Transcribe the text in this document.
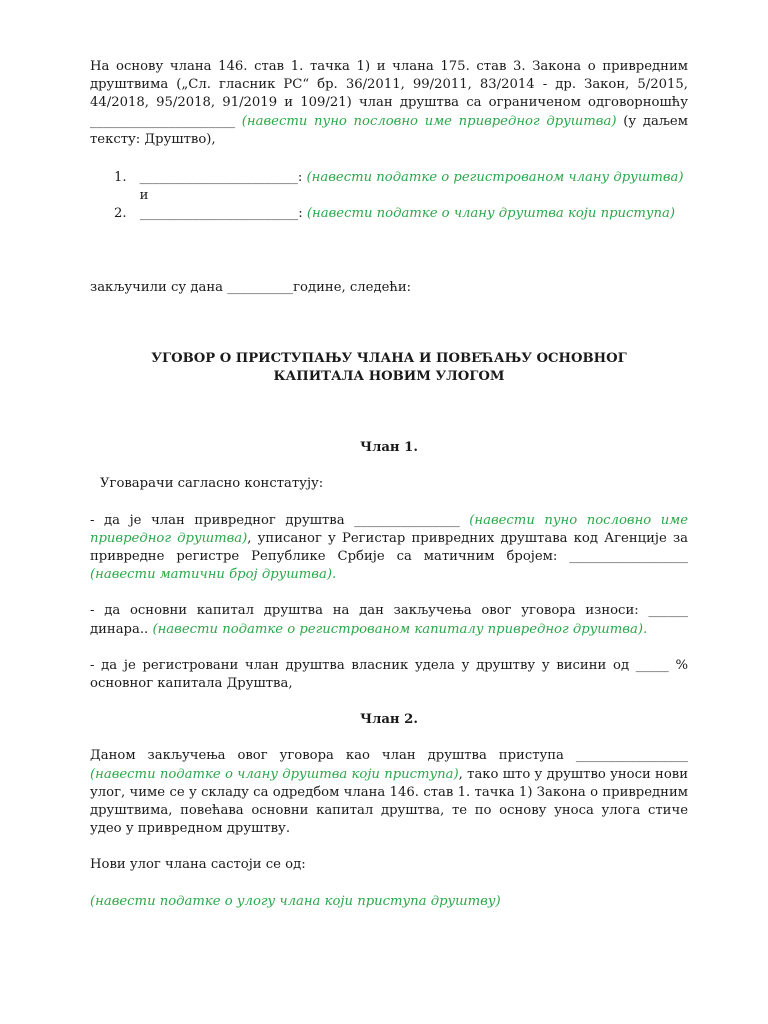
На основу члана 146. став 1. тачка 1) и члана 175. став 3. Закона о привредним друштвима („Сл. гласник РС“ бр. 36/2011, 99/2011, 83/2014 - др. Закон, 5/2015, 44/2018, 95/2018, 91/2019 и 109/21) члан друштва са ограниченом одговорношћу ______________________ (навести пуно пословно име привредног друштва) (у даљем тексту: Друштво),

1. ________________________: (навести податке о регистрованом члану друштва) и
2.	________________________: (навести податке о члану друштва који приступа)

закључили су дана __________године, следећи:

УГОВОР О ПРИСТУПАЊУ ЧЛАНА И ПОВЕЋАЊУ ОСНОВНОГ КАПИТАЛА НОВИМ УЛОГОМ

Члан 1.

Уговарачи сагласно констатују:

- да је члан привредног друштва ________________ (навести пуно пословно име привредног друштва), уписаног у Регистар привредних друштава код Агенције за привредне регистре Републике Србије са матичним бројем: __________________ (навести матични број друштва).

- да основни капитал друштва на дан закључења овог уговора износи: ______ динара.. (навести податке о регистрованом капиталу привредног друштва).

- да је регистровани члан друштва власник удела у друштву у висини од _____ % основног капитала Друштва,

Члан 2.

Даном закључења овог уговора као члан друштва приступа _________________ (навести податке о члану друштва који приступа), тако што у друштво уноси нови улог, чиме се у складу са одредбом члана 146. став 1. тачка 1) Закона о привредним друштвима, повећава основни капитал друштва, те по основу уноса улога стиче удео у привредном друштву.

Нови улог члана састоји се од:

(навести податке о улогу члана који приступа друштву)
